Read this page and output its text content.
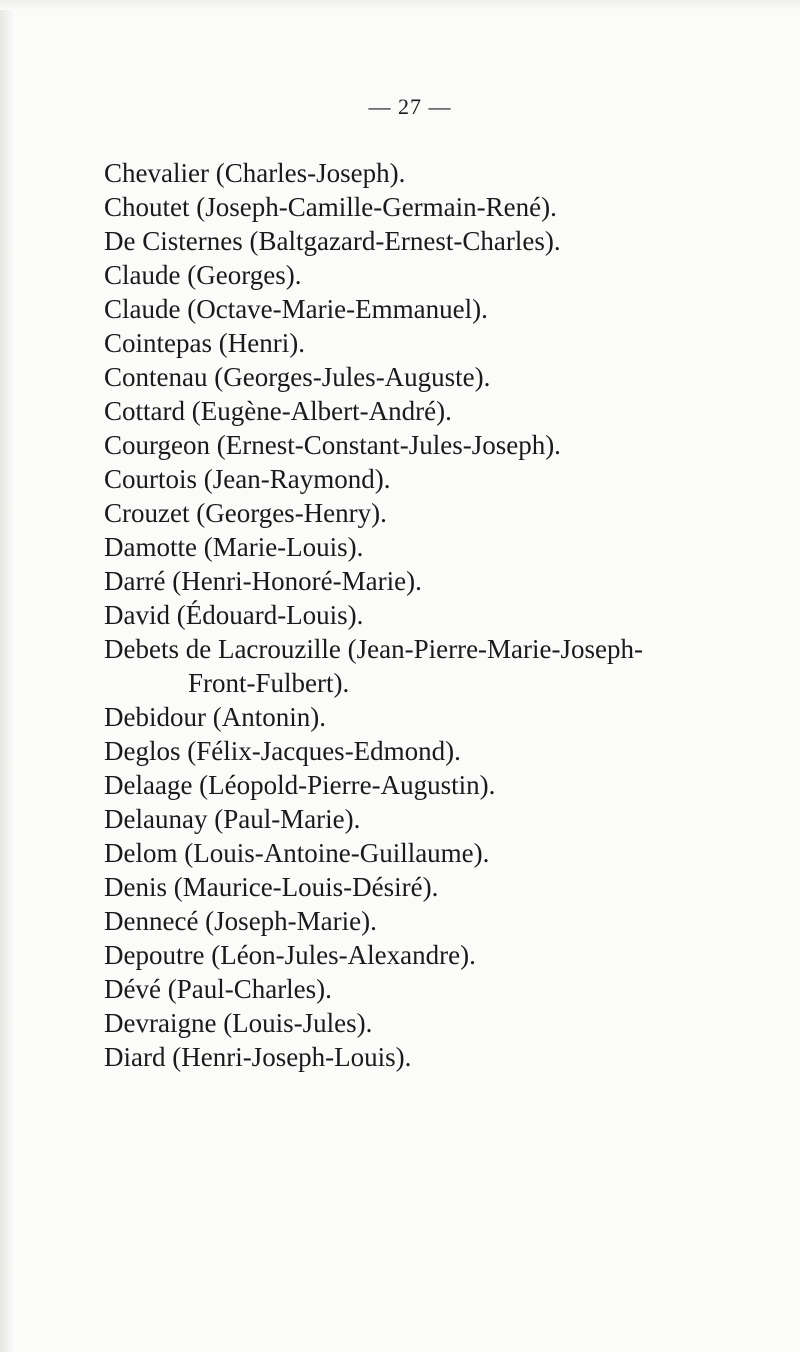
— 27 —
Chevalier (Charles-Joseph).
Choutet (Joseph-Camille-Germain-René).
De Cisternes (Baltgazard-Ernest-Charles).
Claude (Georges).
Claude (Octave-Marie-Emmanuel).
Cointepas (Henri).
Contenau (Georges-Jules-Auguste).
Cottard (Eugène-Albert-André).
Courgeon (Ernest-Constant-Jules-Joseph).
Courtois (Jean-Raymond).
Crouzet (Georges-Henry).
Damotte (Marie-Louis).
Darré (Henri-Honoré-Marie).
David (Édouard-Louis).
Debets de Lacrouzille (Jean-Pierre-Marie-Joseph-
Front-Fulbert).
Debidour (Antonin).
Deglos (Félix-Jacques-Edmond).
Delaage (Léopold-Pierre-Augustin).
Delaunay (Paul-Marie).
Delom (Louis-Antoine-Guillaume).
Denis (Maurice-Louis-Désiré).
Dennecé (Joseph-Marie).
Depoutre (Léon-Jules-Alexandre).
Dévé (Paul-Charles).
Devraigne (Louis-Jules).
Diard (Henri-Joseph-Louis).
